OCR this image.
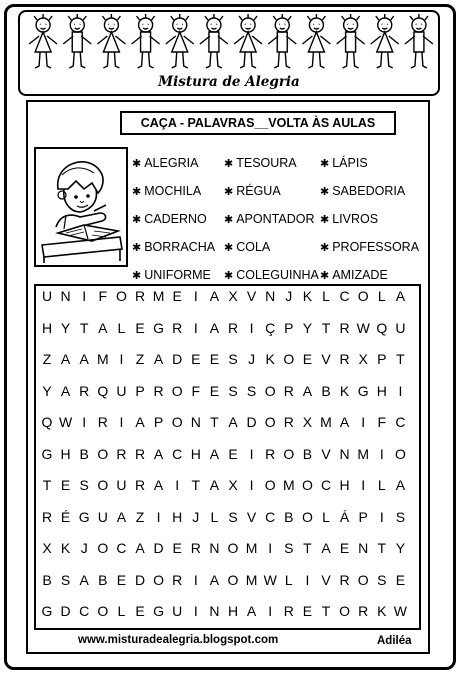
Mistura de Alegria
CAÇA - PALAVRAS__VOLTA ÀS AULAS
✱ ALEGRIA
✱ MOCHILA
✱ CADERNO
✱ BORRACHA
✱ UNIFORME
✱ TESOURA
✱ RÉGUA
✱ APONTADOR
✱ COLA
✱ COLEGUINHA
✱ LÁPIS
✱ SABEDORIA
✱ LIVROS
✱ PROFESSORA
✱ AMIZADE
U N I F O R M E I A X V N J K L C O L A
H Y T A L E G R I A R I Ç P Y T R W Q U
Z A A M I Z A D E E S J K O E V R X P T
Y A R Q U P R O F E S S O R A B K G H I
Q W I R I A P O N T A D O R X M A I F C
G H B O R R A C H A E I R O B V N M I O
T E S O U R A I T A X I O M O C H I L A
R É G U A Z I H J L S V C B O L Á P I S
X K J O C A D E R N O M I S T A E N T Y
B S A B E D O R I A O M W L I V R O S E
G D C O L E G U I N H A I R E T O R K W
www.misturadealegria.blogspot.com	Adiléa
